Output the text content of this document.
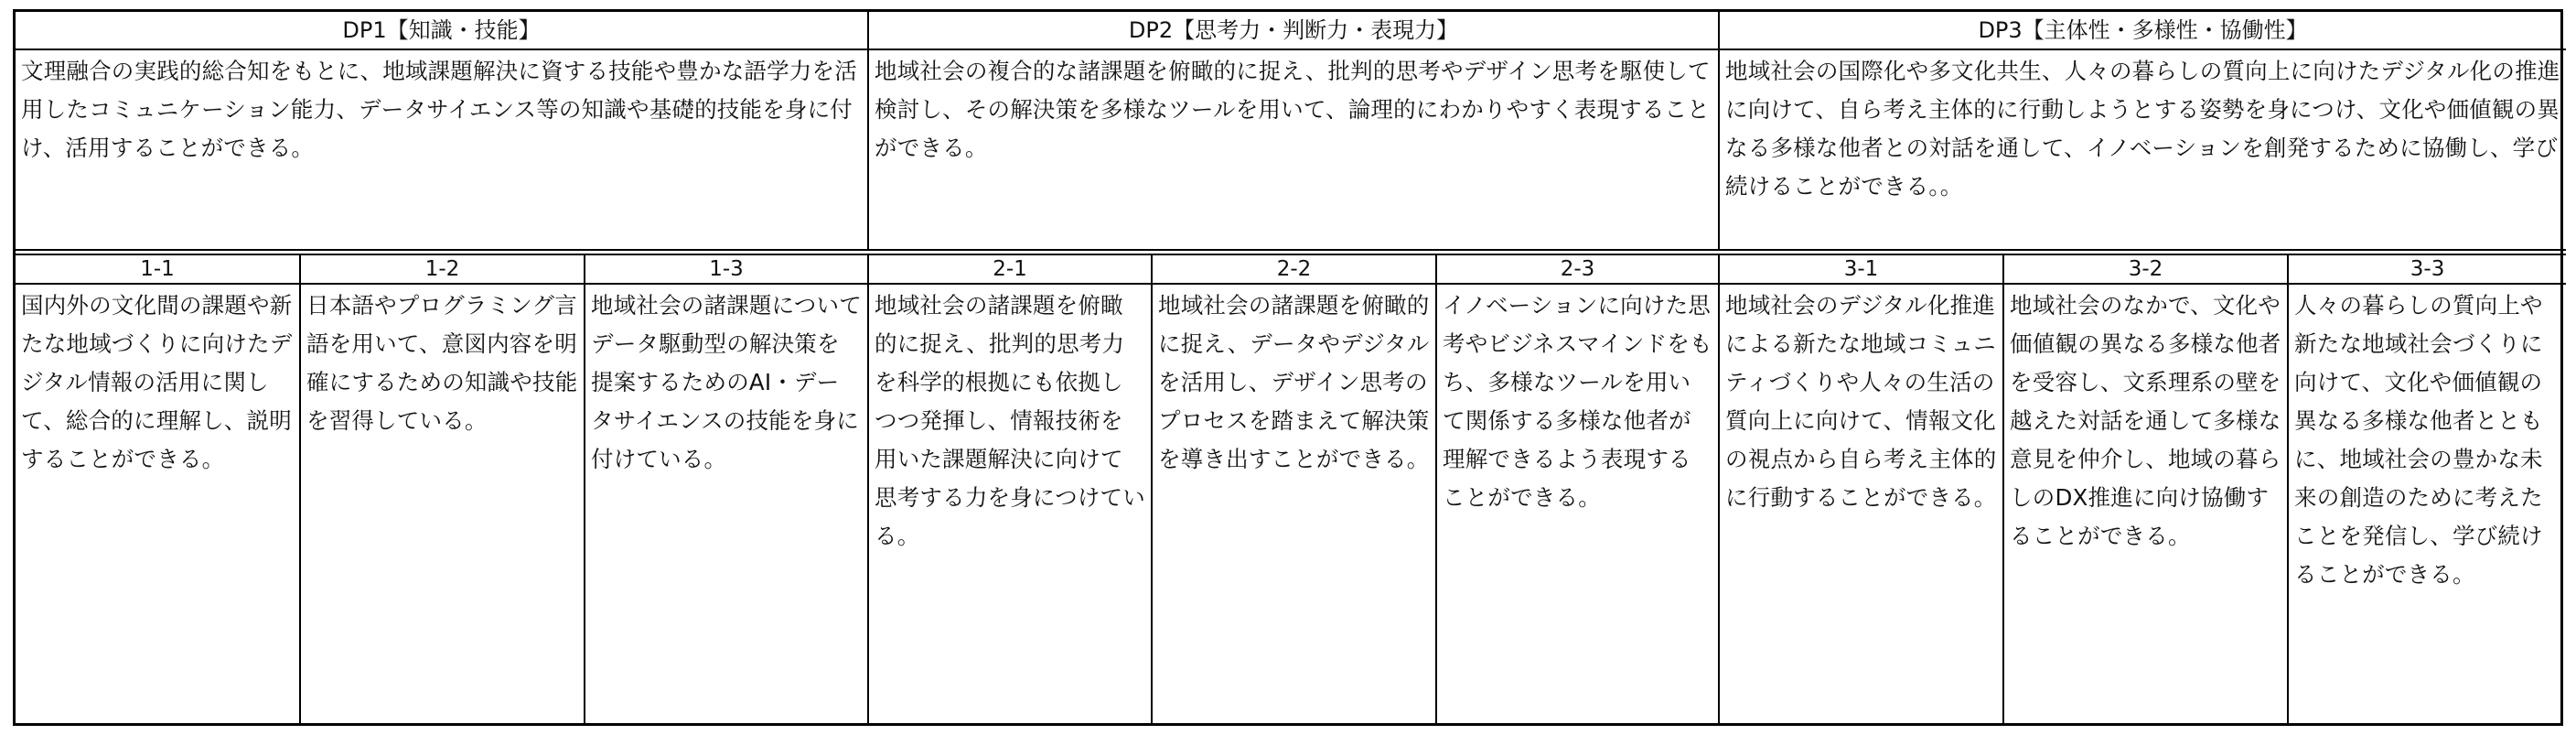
DP1【知識・技能】			DP2【思考力・判断力・表現力】			DP3【主体性・多様性・協働性】		
文理融合の実践的総合知をもとに、地域課題解決に資する技能や豊かな語学力を活用したコミュニケーション能力、データサイエンス等の知識や基礎的技能を身に付け、活用することができる。			地域社会の複合的な諸課題を俯瞰的に捉え、批判的思考やデザイン思考を駆使して検討し、その解決策を多様なツールを用いて、論理的にわかりやすく表現することができる。			地域社会の国際化や多文化共生、人々の暮らしの質向上に向けたデジタル化の推進に向けて、自ら考え主体的に行動しようとする姿勢を身につけ、文化や価値観の異なる多様な他者との対話を通して、イノベーションを創発するために協働し、学び続けることができる。。		
1-1	1-2	1-3	2-1	2-2	2-3	3-1	3-2	3-3
国内外の文化間の課題や新たな地域づくりに向けたデジタル情報の活用に関して、総合的に理解し、説明することができる。	日本語やプログラミング言語を用いて、意図内容を明確にするための知識や技能を習得している。	地域社会の諸課題についてデータ駆動型の解決策を提案するためのAI・データサイエンスの技能を身に付けている。	地域社会の諸課題を俯瞰的に捉え、批判的思考力を科学的根拠にも依拠しつつ発揮し、情報技術を用いた課題解決に向けて思考する力を身につけている。	地域社会の諸課題を俯瞰的に捉え、データやデジタルを活用し、デザイン思考のプロセスを踏まえて解決策を導き出すことができる。	イノベーションに向けた思考やビジネスマインドをもち、多様なツールを用いて関係する多様な他者が理解できるよう表現することができる。	地域社会のデジタル化推進による新たな地域コミュニティづくりや人々の生活の質向上に向けて、情報文化の視点から自ら考え主体的に行動することができる。	地域社会のなかで、文化や価値観の異なる多様な他者を受容し、文系理系の壁を越えた対話を通して多様な意見を仲介し、地域の暮らしのDX推進に向け協働することができる。	人々の暮らしの質向上や新たな地域社会づくりに向けて、文化や価値観の異なる多様な他者とともに、地域社会の豊かな未来の創造のために考えたことを発信し、学び続けることができる。
